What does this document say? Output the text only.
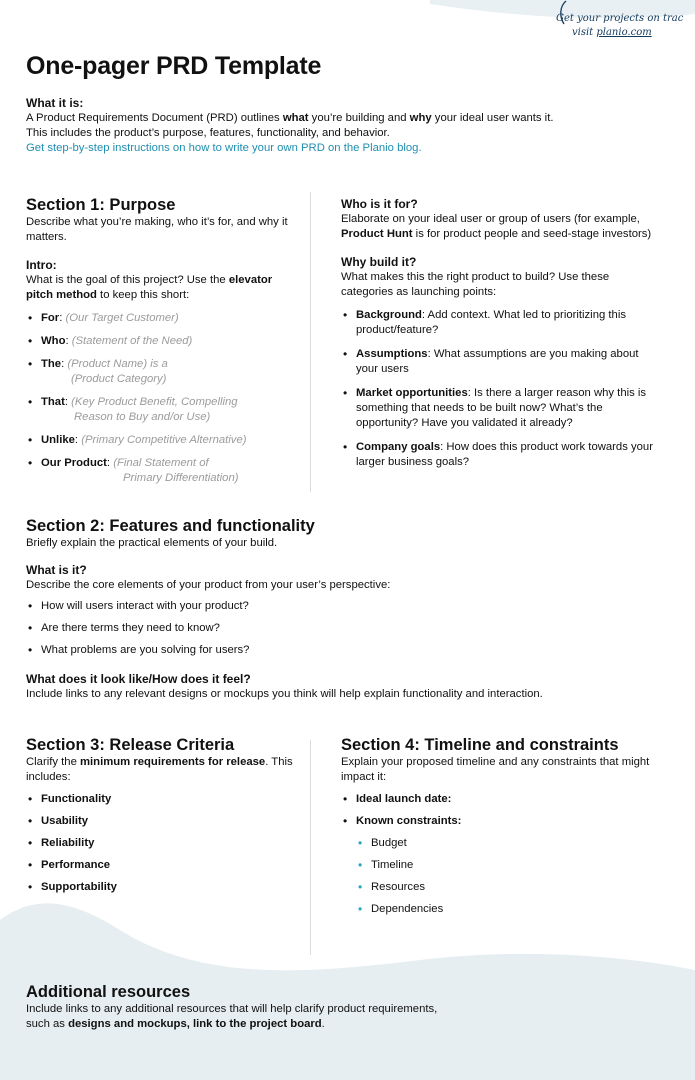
Get your projects on trac
visit planio.com
One-pager PRD Template
What it is:
A Product Requirements Document (PRD) outlines what you’re building and why your ideal user wants it.
This includes the product’s purpose, features, functionality, and behavior.
Get step-by-step instructions on how to write your own PRD on the Planio blog.
Section 1: Purpose
Describe what you’re making, who it’s for, and why it matters.
Intro:
What is the goal of this project? Use the elevator pitch method to keep this short:
• For: (Our Target Customer)
• Who: (Statement of the Need)
• The: (Product Name) is a
(Product Category)
• That: (Key Product Benefit, Compelling
Reason to Buy and/or Use)
• Unlike: (Primary Competitive Alternative)
• Our Product: (Final Statement of
Primary Differentiation)
Who is it for?
Elaborate on your ideal user or group of users (for example, Product Hunt is for product people and seed-stage investors)
Why build it?
What makes this the right product to build? Use these categories as launching points:
• Background: Add context. What led to prioritizing this product/feature?
• Assumptions: What assumptions are you making about your users
• Market opportunities: Is there a larger reason why this is something that needs to be built now? What’s the opportunity? Have you validated it already?
• Company goals: How does this product work towards your larger business goals?
Section 2: Features and functionality
Briefly explain the practical elements of your build.
What is it?
Describe the core elements of your product from your user’s perspective:
• How will users interact with your product?
• Are there terms they need to know?
• What problems are you solving for users?
What does it look like/How does it feel?
Include links to any relevant designs or mockups you think will help explain functionality and interaction.
Section 3: Release Criteria
Clarify the minimum requirements for release. This includes:
• Functionality
• Usability
• Reliability
• Performance
• Supportability
Section 4: Timeline and constraints
Explain your proposed timeline and any constraints that might impact it:
• Ideal launch date:
• Known constraints:
• Budget
• Timeline
• Resources
• Dependencies
Additional resources
Include links to any additional resources that will help clarify product requirements, such as designs and mockups, link to the project board.
